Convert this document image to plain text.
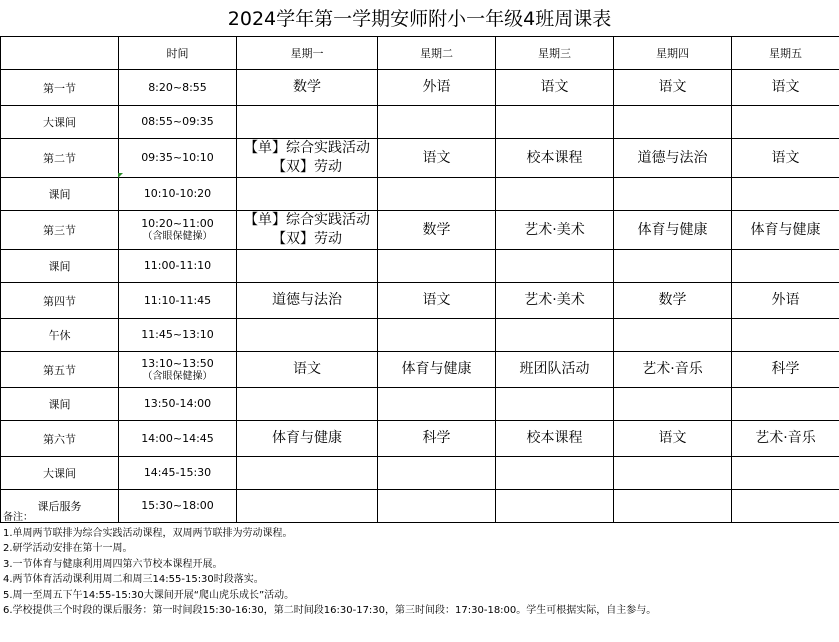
2024学年第一学期安师附小一年级4班周课表
	时间	星期一	星期二	星期三	星期四	星期五
第一节	8:20~8:55	数学	外语	语文	语文	语文

大课间	08:55~09:35					

第二节	09:35~10:10	【单】综合实践活动
【双】劳动	语文	校本课程	道德与法治	语文

课间	10:10-10:20					

第三节	10:20~11:00
（含眼保健操）	【单】综合实践活动
【双】劳动	数学	艺术·美术	体育与健康	体育与健康

课间	11:00-11:10					

第四节	11:10-11:45	道德与法治	语文	艺术·美术	数学	外语

午休	11:45~13:10					

第五节	13:10~13:50
（含眼保健操）	语文	体育与健康	班团队活动	艺术·音乐	科学

课间	13:50-14:00					

第六节	14:00~14:45	体育与健康	科学	校本课程	语文	艺术·音乐

大课间	14:45-15:30					

课后服务	15:30~18:00					

备注：
1.单周两节联排为综合实践活动课程，双周两节联排为劳动课程。
2.研学活动安排在第十一周。
3.一节体育与健康利用周四第六节校本课程开展。
4.两节体育活动课利用周二和周三14:55-15:30时段落实。
5.周一至周五下午14:55-15:30大课间开展“爬山虎乐成长”活动。
6.学校提供三个时段的课后服务：第一时间段15:30-16:30，第二时间段16:30-17:30，第三时间段：17:30-18:00。学生可根据实际，自主参与。
